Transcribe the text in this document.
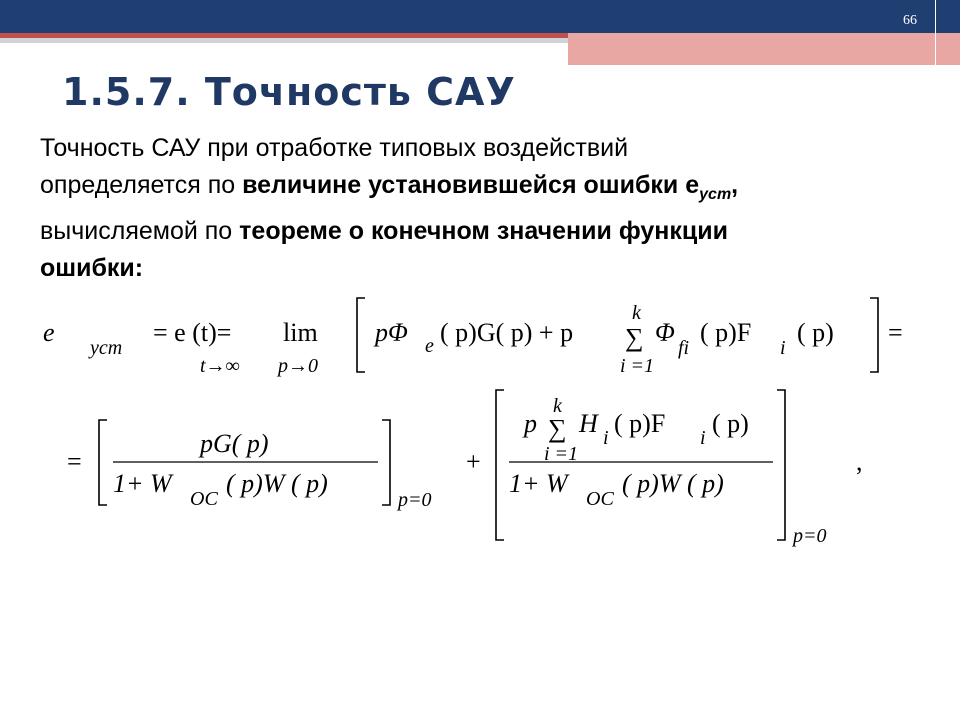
66
1.5.7. Точность САУ
Точность САУ при отработке типовых воздействий
определяется по величине установившейся ошибки $е_{уст}$,
вычисляемой по теореме о конечном значении функции
ошибки:
e
уст
= e (t)=
t→∞
lim
p→0
pΦ e ( p)G( p) + p
k
∑
i =1
Φ
fi
( p)F
i
( p) =
=
pG( p)
1+ W
OC
( p)W ( p)
p=0
+
k
p ∑
i =1
H i ( p)F i ( p)
1+ W
OC
( p)W ( p)
p=0
,
